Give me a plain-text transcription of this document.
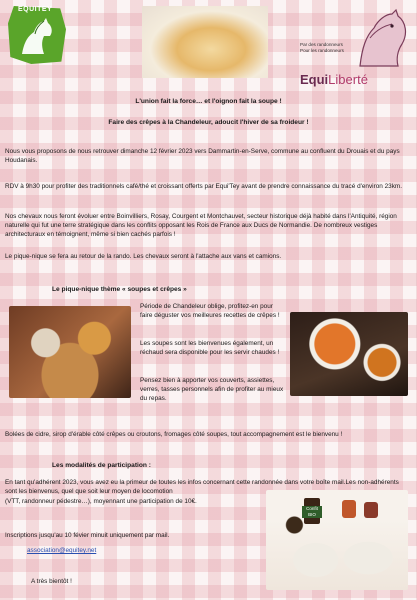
EQUITEY
Par des randonneurs
Pour les randonneurs
EquiLiberté
L'union fait la force… et l'oignon fait la soupe !
Faire des crêpes à la Chandeleur, adoucit l'hiver de sa froideur !
Nous vous proposons de nous retrouver dimanche 12 février 2023 vers Dammartin-en-Serve, commune au confluent du Drouais et du pays Houdanais.
RDV à 9h30 pour profiter des traditionnels café/thé et croissant offerts par Equi'Tey avant de prendre connaissance du tracé d'environ 23km.
Nos chevaux nous feront évoluer entre Boinvilliers, Rosay, Courgent et Montchauvet, secteur historique déjà habité dans l'Antiquité, région naturelle qui fut une terre stratégique dans les conflits opposant les Rois de France aux Ducs de Normandie. De nombreux vestiges architecturaux en témoignent, même si bien cachés parfois !
Le pique-nique se fera au retour de la rando. Les chevaux seront à l'attache aux vans et camions.
Le pique-nique thème « soupes et crêpes »
Période de Chandeleur oblige, profitez-en pour faire déguster vos meilleures recettes de crêpes !
Les soupes sont les bienvenues également, un réchaud sera disponible pour les servir chaudes !
Pensez bien à apporter vos couverts, assiettes, verres, tasses personnels afin de profiter au mieux du repas.
Bolées de cidre, sirop d'érable côté crêpes ou croutons, fromages côté soupes, tout accompagnement est le bienvenu !
Les modalités de participation :
En tant qu'adhérent 2023, vous avez eu la primeur de toutes les infos concernant cette randonnée dans votre boîte mail.Les non-adhérents sont les bienvenus, quel que soit leur moyen de locomotion
(VTT, randonneur pédestre…), moyennant une participation de 10€.
Inscriptions jusqu'au 10 févier minuit uniquement par mail.
association@equitey.net
A très bientôt !
Confit BIO
